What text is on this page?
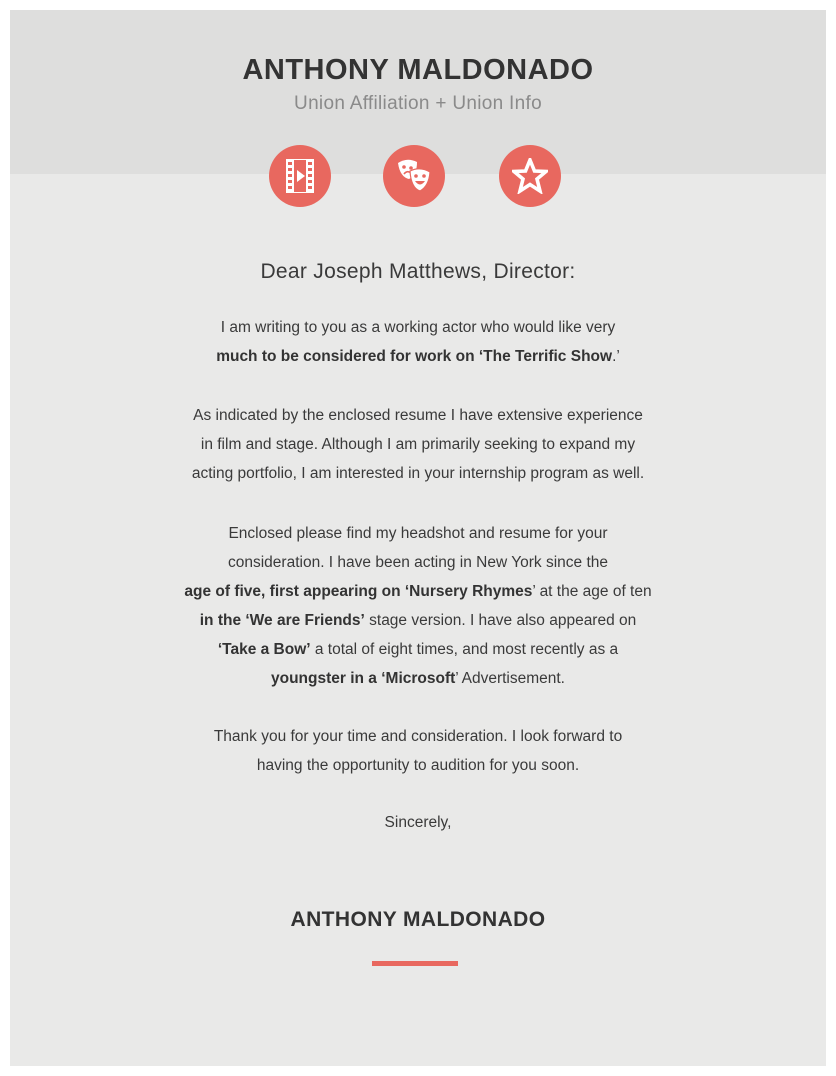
ANTHONY MALDONADO
Union Affiliation + Union Info
Dear Joseph Matthews, Director:
I am writing to you as a working actor who would like very
much to be considered for work on ‘The Terrific Show.’
As indicated by the enclosed resume I have extensive experience
in film and stage. Although I am primarily seeking to expand my
acting portfolio, I am interested in your internship program as well.
Enclosed please find my headshot and resume for your
consideration. I have been acting in New York since the
age of five, first appearing on ‘Nursery Rhymes’ at the age of ten
in the ‘We are Friends’ stage version. I have also appeared on
‘Take a Bow’ a total of eight times, and most recently as a
youngster in a ‘Microsoft’ Advertisement.
Thank you for your time and consideration. I look forward to
having the opportunity to audition for you soon.
Sincerely,
ANTHONY MALDONADO
